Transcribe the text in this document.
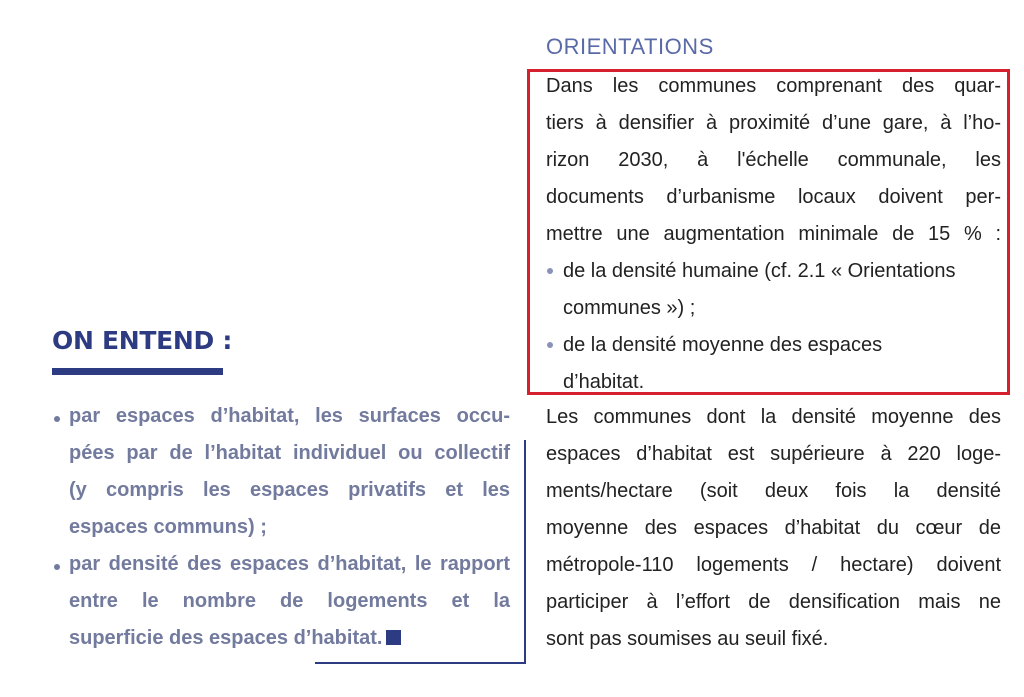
ON ENTEND :
par espaces d’habitat, les surfaces occu-
pées par de l’habitat individuel ou collectif
(y compris les espaces privatifs et les
espaces communs) ;
par densité des espaces d’habitat, le rapport
entre le nombre de logements et la
superficie des espaces d’habitat.
ORIENTATIONS
Dans les communes comprenant des quar-
tiers à densifier à proximité d’une gare, à l’ho-
rizon 2030, à l'échelle communale, les
documents d’urbanisme locaux doivent per-
mettre une augmentation minimale de 15 % :
de la densité humaine (cf. 2.1 « Orientations
communes ») ;
de la densité moyenne des espaces
d’habitat.
Les communes dont la densité moyenne des
espaces d’habitat est supérieure à 220 loge-
ments/hectare (soit deux fois la densité
moyenne des espaces d’habitat du cœur de
métropole-110 logements / hectare) doivent
participer à l’effort de densification mais ne
sont pas soumises au seuil fixé.
